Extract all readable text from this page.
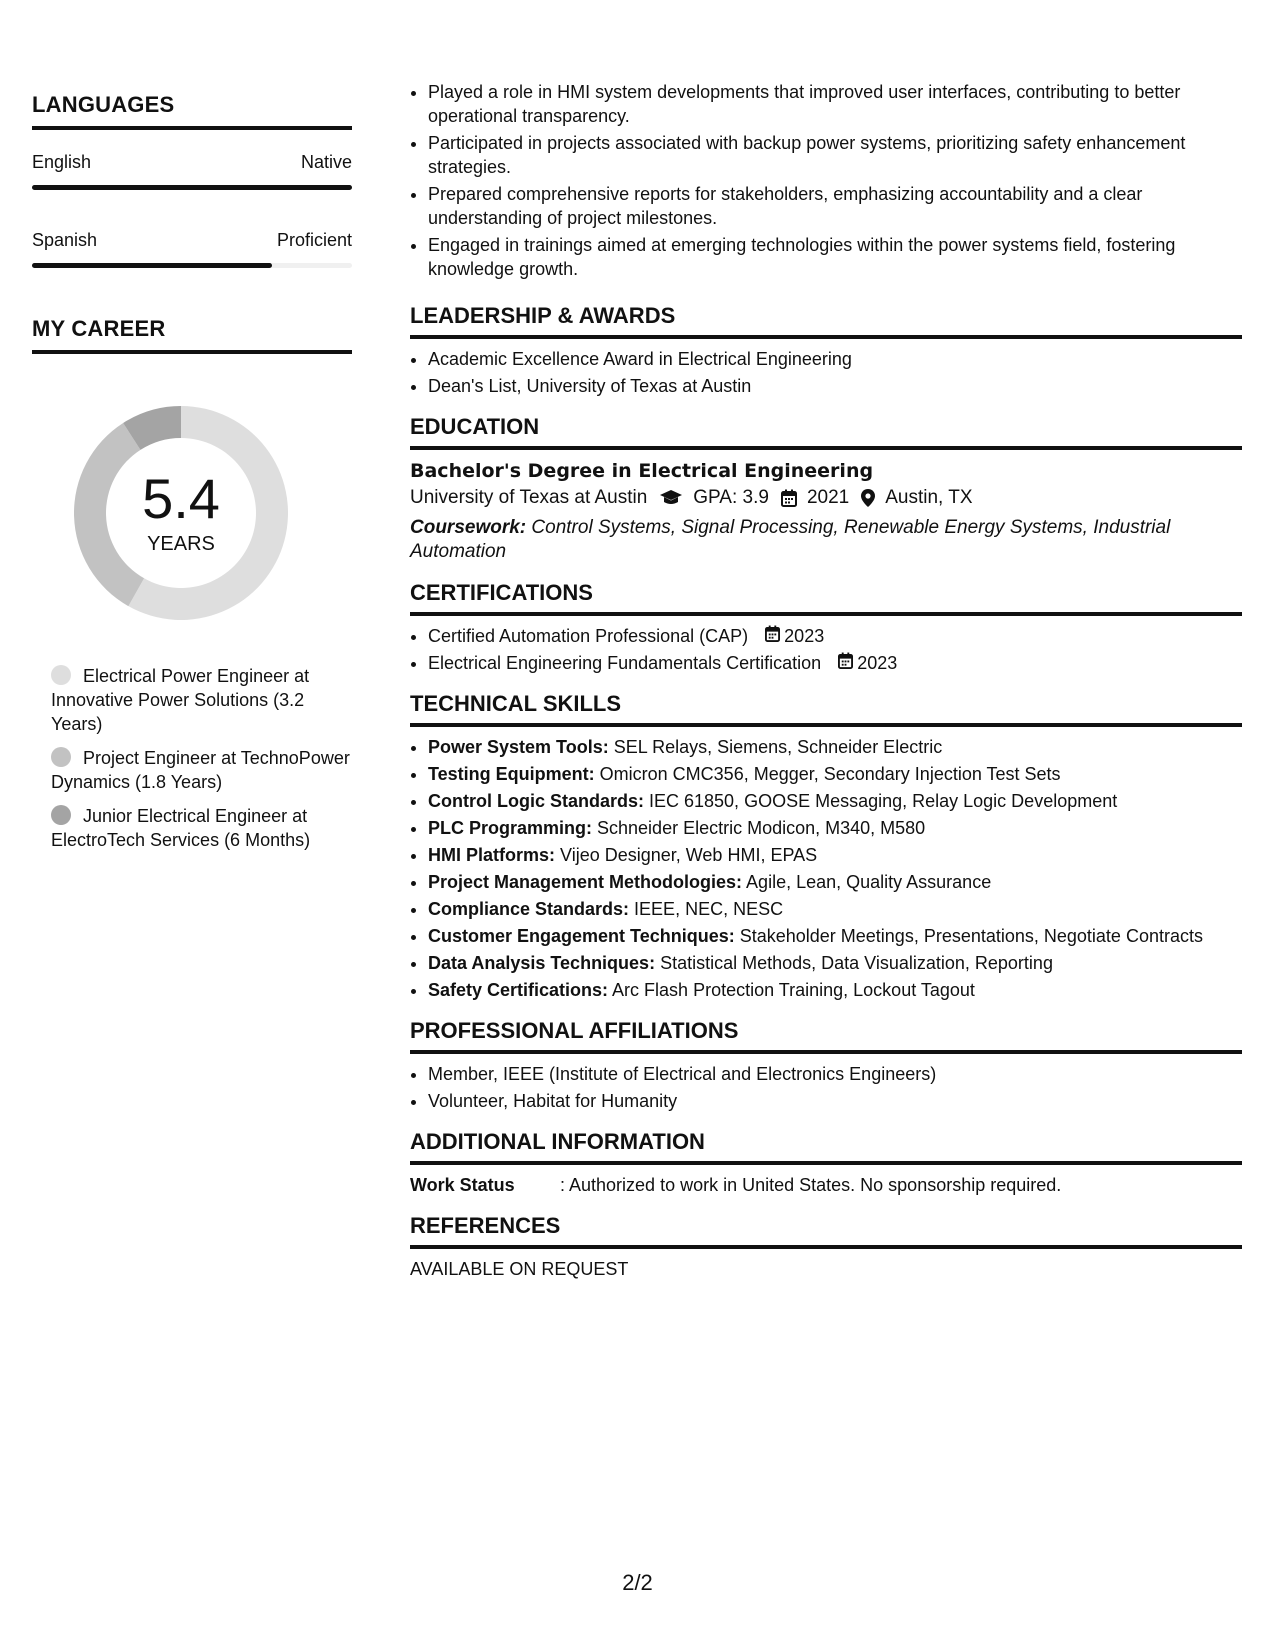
LANGUAGES
English	Native
Spanish	Proficient
MY CAREER
5.4
YEARS
Electrical Power Engineer at Innovative Power Solutions (3.2 Years)
Project Engineer at TechnoPower Dynamics (1.8 Years)
Junior Electrical Engineer at ElectroTech Services (6 Months)
• Played a role in HMI system developments that improved user interfaces, contributing to better operational transparency.
• Participated in projects associated with backup power systems, prioritizing safety enhancement strategies.
• Prepared comprehensive reports for stakeholders, emphasizing accountability and a clear understanding of project milestones.
• Engaged in trainings aimed at emerging technologies within the power systems field, fostering knowledge growth.
LEADERSHIP & AWARDS
• Academic Excellence Award in Electrical Engineering
• Dean's List, University of Texas at Austin
EDUCATION
Bachelor's Degree in Electrical Engineering
University of Texas at Austin GPA: 3.9 2021 Austin, TX
Coursework: Control Systems, Signal Processing, Renewable Energy Systems, Industrial Automation
CERTIFICATIONS
• Certified Automation Professional (CAP) 2023
• Electrical Engineering Fundamentals Certification 2023
TECHNICAL SKILLS
• Power System Tools: SEL Relays, Siemens, Schneider Electric
• Testing Equipment: Omicron CMC356, Megger, Secondary Injection Test Sets
• Control Logic Standards: IEC 61850, GOOSE Messaging, Relay Logic Development
• PLC Programming: Schneider Electric Modicon, M340, M580
• HMI Platforms: Vijeo Designer, Web HMI, EPAS
• Project Management Methodologies: Agile, Lean, Quality Assurance
• Compliance Standards: IEEE, NEC, NESC
• Customer Engagement Techniques: Stakeholder Meetings, Presentations, Negotiate Contracts
• Data Analysis Techniques: Statistical Methods, Data Visualization, Reporting
• Safety Certifications: Arc Flash Protection Training, Lockout Tagout
PROFESSIONAL AFFILIATIONS
• Member, IEEE (Institute of Electrical and Electronics Engineers)
• Volunteer, Habitat for Humanity
ADDITIONAL INFORMATION
Work Status	: Authorized to work in United States. No sponsorship required.
REFERENCES
AVAILABLE ON REQUEST
2/2
